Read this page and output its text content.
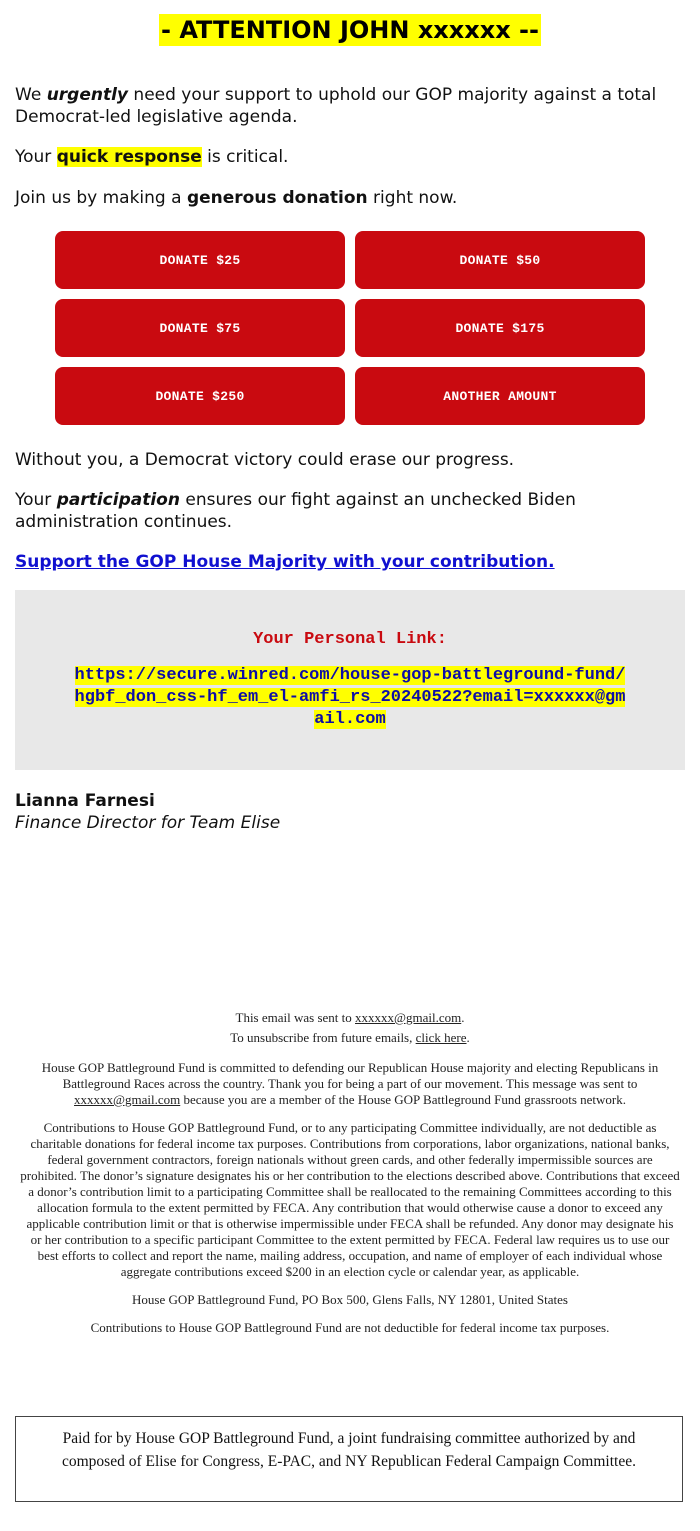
- ATTENTION JOHN xxxxxx --
We urgently need your support to uphold our GOP majority against a total Democrat-led legislative agenda.
Your quick response is critical.
Join us by making a generous donation right now.
DONATE $25	DONATE $50
DONATE $75	DONATE $175
DONATE $250	ANOTHER AMOUNT
Without you, a Democrat victory could erase our progress.
Your participation ensures our fight against an unchecked Biden administration continues.
Support the GOP House Majority with your contribution.
Your Personal Link:
https://secure.winred.com/house-gop-battleground-fund/hgbf_don_css-hf_em_el-amfi_rs_20240522?email=xxxxxx@gmail.com
Lianna Farnesi
Finance Director for Team Elise

This email was sent to xxxxxx@gmail.com.

To unsubscribe from future emails, click here.

House GOP Battleground Fund is committed to defending our Republican House majority and electing Republicans in Battleground Races across the country. Thank you for being a part of our movement. This message was sent to xxxxxx@gmail.com because you are a member of the House GOP Battleground Fund grassroots network.

Contributions to House GOP Battleground Fund, or to any participating Committee individually, are not deductible as charitable donations for federal income tax purposes. Contributions from corporations, labor organizations, national banks, federal government contractors, foreign nationals without green cards, and other federally impermissible sources are prohibited. The donor’s signature designates his or her contribution to the elections described above. Contributions that exceed a donor’s contribution limit to a participating Committee shall be reallocated to the remaining Committees according to this allocation formula to the extent permitted by FECA. Any contribution that would otherwise cause a donor to exceed any applicable contribution limit or that is otherwise impermissible under FECA shall be refunded. Any donor may designate his or her contribution to a specific participant Committee to the extent permitted by FECA. Federal law requires us to use our best efforts to collect and report the name, mailing address, occupation, and name of employer of each individual whose aggregate contributions exceed $200 in an election cycle or calendar year, as applicable.

House GOP Battleground Fund, PO Box 500, Glens Falls, NY 12801, United States

Contributions to House GOP Battleground Fund are not deductible for federal income tax purposes.

Paid for by House GOP Battleground Fund, a joint fundraising committee authorized by and composed of Elise for Congress, E-PAC, and NY Republican Federal Campaign Committee.
